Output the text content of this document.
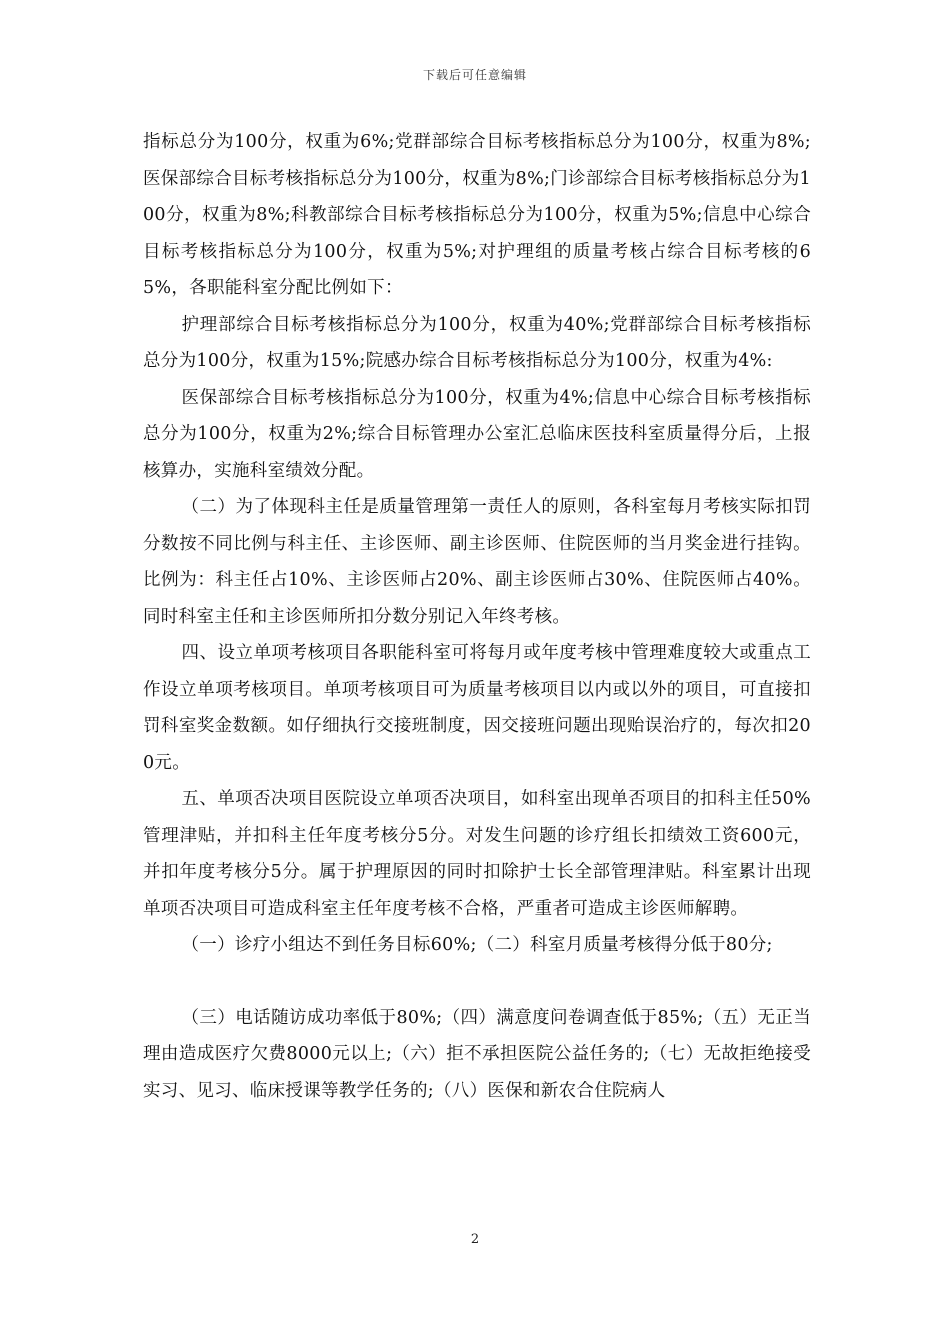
下载后可任意编辑

指标总分为100分，权重为6%;党群部综合目标考核指标总分为100分，权重为8%;医保部综合目标考核指标总分为100分，权重为8%;门诊部综合目标考核指标总分为100分，权重为8%;科教部综合目标考核指标总分为100分，权重为5%;信息中心综合目标考核指标总分为100分，权重为5%;对护理组的质量考核占综合目标考核的65%，各职能科室分配比例如下：

护理部综合目标考核指标总分为100分，权重为40%;党群部综合目标考核指标总分为100分，权重为15%;院感办综合目标考核指标总分为100分，权重为4%:

医保部综合目标考核指标总分为100分，权重为4%;信息中心综合目标考核指标总分为100分，权重为2%;综合目标管理办公室汇总临床医技科室质量得分后，上报核算办，实施科室绩效分配。

（二）为了体现科主任是质量管理第一责任人的原则，各科室每月考核实际扣罚分数按不同比例与科主任、主诊医师、副主诊医师、住院医师的当月奖金进行挂钩。比例为：科主任占10%、主诊医师占20%、副主诊医师占30%、住院医师占40%。同时科室主任和主诊医师所扣分数分别记入年终考核。

四、设立单项考核项目各职能科室可将每月或年度考核中管理难度较大或重点工作设立单项考核项目。单项考核项目可为质量考核项目以内或以外的项目，可直接扣罚科室奖金数额。如仔细执行交接班制度，因交接班问题出现贻误治疗的，每次扣200元。

五、单项否决项目医院设立单项否决项目，如科室出现单否项目的扣科主任50%管理津贴，并扣科主任年度考核分5分。对发生问题的诊疗组长扣绩效工资600元，并扣年度考核分5分。属于护理原因的同时扣除护士长全部管理津贴。科室累计出现单项否决项目可造成科室主任年度考核不合格，严重者可造成主诊医师解聘。

（一）诊疗小组达不到任务目标60%;（二）科室月质量考核得分低于80分;

（三）电话随访成功率低于80%;（四）满意度问卷调查低于85%;（五）无正当理由造成医疗欠费8000元以上;（六）拒不承担医院公益任务的;（七）无故拒绝接受实习、见习、临床授课等教学任务的;（八）医保和新农合住院病人

2
